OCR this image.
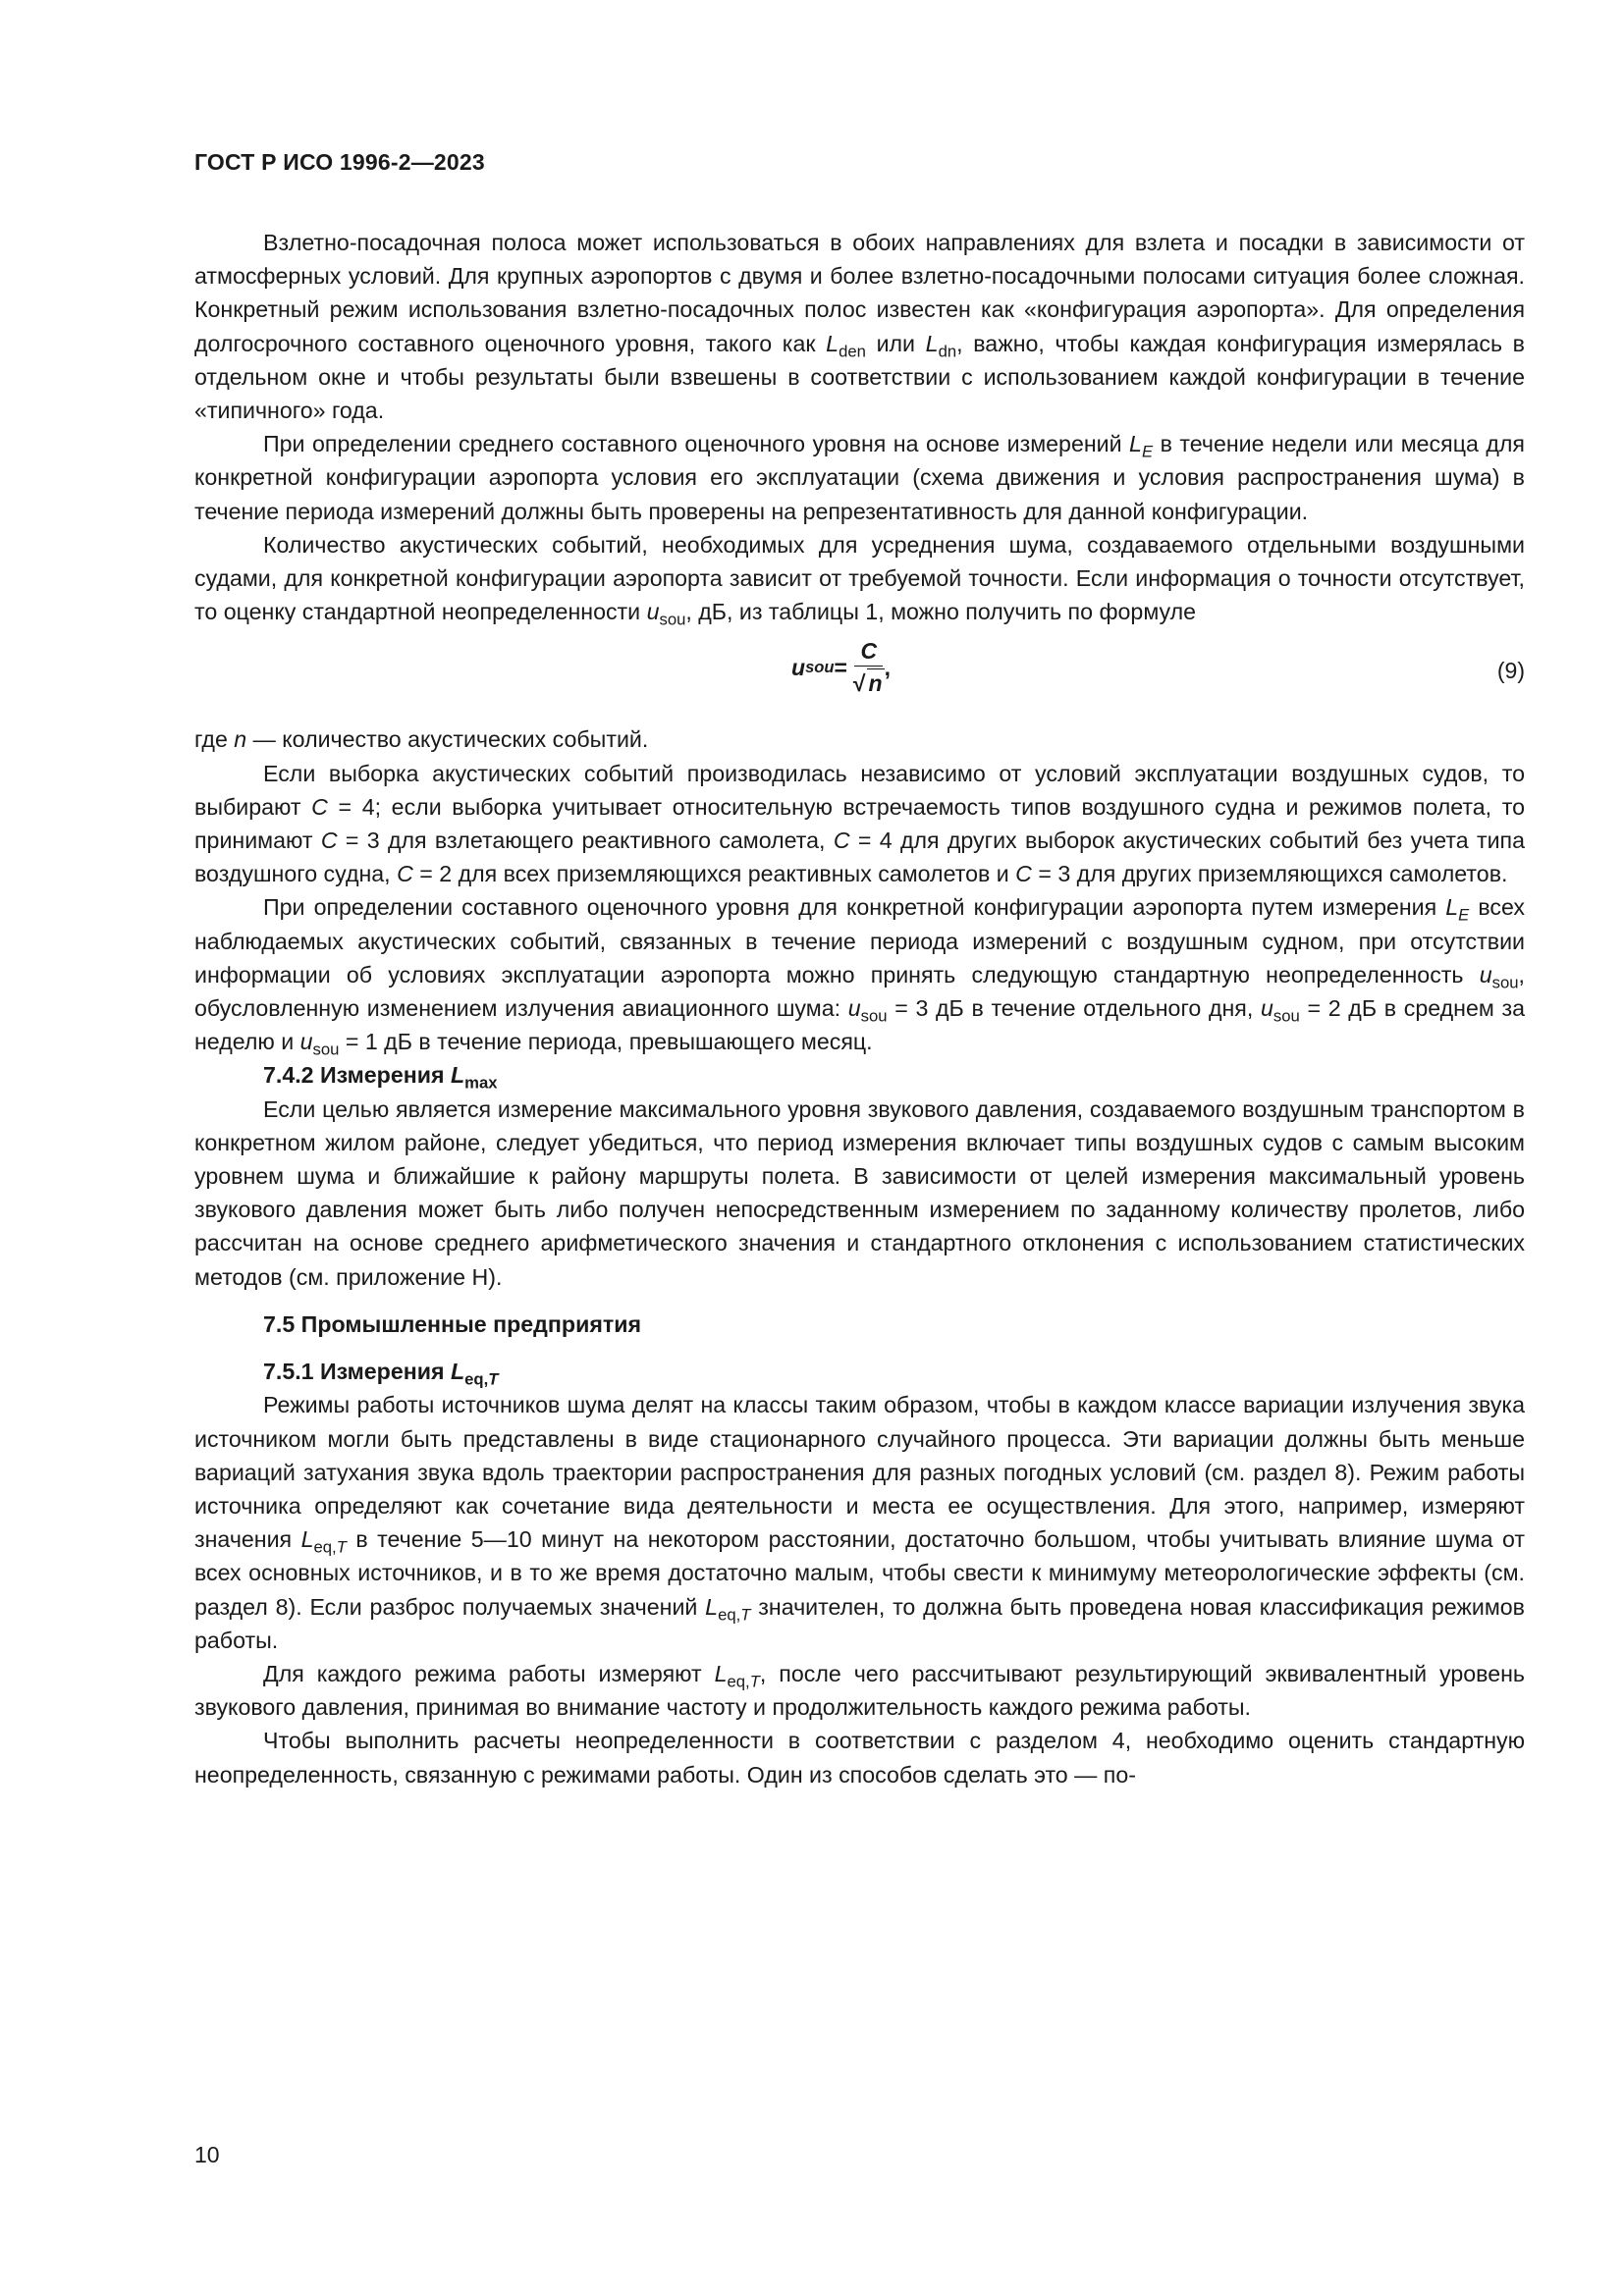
ГОСТ Р ИСО 1996-2—2023

Взлетно-посадочная полоса может использоваться в обоих направлениях для взлета и посадки в зависимости от атмосферных условий. Для крупных аэропортов с двумя и более взлетно-посадочными полосами ситуация более сложная. Конкретный режим использования взлетно-посадочных полос известен как «конфигурация аэропорта». Для определения долгосрочного составного оценочного уровня, такого как $L_{den}$ или $L_{dn}$, важно, чтобы каждая конфигурация измерялась в отдельном окне и чтобы результаты были взвешены в соответствии с использованием каждой конфигурации в течение «типичного» года.

При определении среднего составного оценочного уровня на основе измерений $L_E$ в течение недели или месяца для конкретной конфигурации аэропорта условия его эксплуатации (схема движения и условия распространения шума) в течение периода измерений должны быть проверены на репрезентативность для данной конфигурации.

Количество акустических событий, необходимых для усреднения шума, создаваемого отдельными воздушными судами, для конкретной конфигурации аэропорта зависит от требуемой точности. Если информация о точности отсутствует, то оценку стандартной неопределенности $u_{sou}$, дБ, из таблицы 1, можно получить по формуле

u sou = $\frac{C}{√ n}$ ,	(9)

где n — количество акустических событий.

Если выборка акустических событий производилась независимо от условий эксплуатации воздушных судов, то выбирают C = 4; если выборка учитывает относительную встречаемость типов воздушного судна и режимов полета, то принимают C = 3 для взлетающего реактивного самолета, C = 4 для других выборок акустических событий без учета типа воздушного судна, C = 2 для всех приземляющихся реактивных самолетов и C = 3 для других приземляющихся самолетов.

При определении составного оценочного уровня для конкретной конфигурации аэропорта путем измерения $L_E$ всех наблюдаемых акустических событий, связанных в течение периода измерений с воздушным судном, при отсутствии информации об условиях эксплуатации аэропорта можно принять следующую стандартную неопределенность $u_{sou}$, обусловленную изменением излучения авиационного шума: $u_{sou} = 3$ дБ в течение отдельного дня, $u_{sou} = 2$ дБ в среднем за неделю и $u_{sou} = 1$ дБ в течение периода, превышающего месяц.

7.4.2 Измерения $L_{max}$

Если целью является измерение максимального уровня звукового давления, создаваемого воздушным транспортом в конкретном жилом районе, следует убедиться, что период измерения включает типы воздушных судов с самым высоким уровнем шума и ближайшие к району маршруты полета. В зависимости от целей измерения максимальный уровень звукового давления может быть либо получен непосредственным измерением по заданному количеству пролетов, либо рассчитан на основе среднего арифметического значения и стандартного отклонения с использованием статистических методов (см. приложение Н).

7.5 Промышленные предприятия
7.5.1 Измерения $L_{eq,T}$

Режимы работы источников шума делят на классы таким образом, чтобы в каждом классе вариации излучения звука источником могли быть представлены в виде стационарного случайного процесса. Эти вариации должны быть меньше вариаций затухания звука вдоль траектории распространения для разных погодных условий (см. раздел 8). Режим работы источника определяют как сочетание вида деятельности и места ее осуществления. Для этого, например, измеряют значения $L_{eq,T}$ в течение 5—10 минут на некотором расстоянии, достаточно большом, чтобы учитывать влияние шума от всех основных источников, и в то же время достаточно малым, чтобы свести к минимуму метеорологические эффекты (см. раздел 8). Если разброс получаемых значений $L_{eq,T}$ значителен, то должна быть проведена новая классификация режимов работы.

Для каждого режима работы измеряют $L_{eq,T}$, после чего рассчитывают результирующий эквивалентный уровень звукового давления, принимая во внимание частоту и продолжительность каждого режима работы.

Чтобы выполнить расчеты неопределенности в соответствии с разделом 4, необходимо оценить стандартную неопределенность, связанную с режимами работы. Один из способов сделать это — по-

10
